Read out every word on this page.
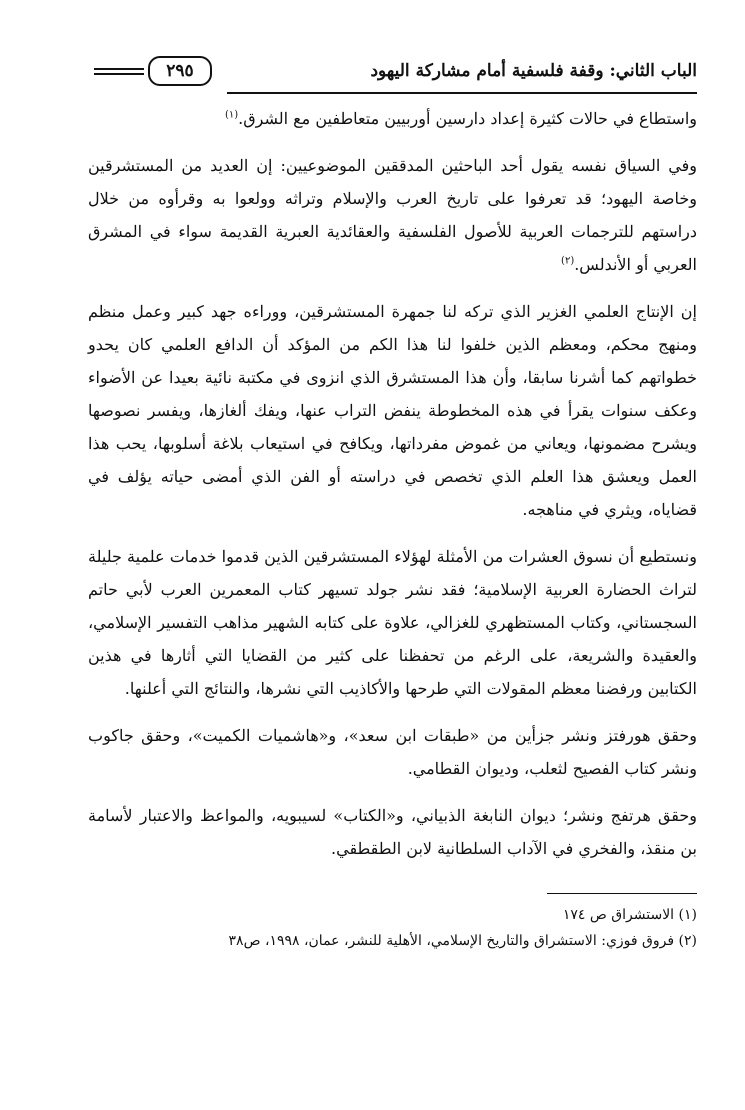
الباب الثاني: وقفة فلسفية أمام مشاركة اليهود
٢٩٥

واستطاع في حالات كثيرة إعداد دارسين أوربيين متعاطفين مع الشرق.$^{(١)}$

وفي السياق نفسه يقول أحد الباحثين المدققين الموضوعيين: إن العديد من المستشرقين وخاصة اليهود؛ قد تعرفوا على تاريخ العرب والإسلام وتراثه وولعوا به وقرأوه من خلال دراستهم للترجمات العربية للأصول الفلسفية والعقائدية العبرية القديمة سواء في المشرق العربي أو الأندلس.$^{(٢)}$

إن الإنتاج العلمي الغزير الذي تركه لنا جمهرة المستشرقين، ووراءه جهد كبير وعمل منظم ومنهج محكم، ومعظم الذين خلفوا لنا هذا الكم من المؤكد أن الدافع العلمي كان يحدو خطواتهم كما أشرنا سابقا، وأن هذا المستشرق الذي انزوى في مكتبة نائية بعيدا عن الأضواء وعكف سنوات يقرأ في هذه المخطوطة ينفض التراب عنها، ويفك ألغازها، ويفسر نصوصها ويشرح مضمونها، ويعاني من غموض مفرداتها، ويكافح في استيعاب بلاغة أسلوبها، يحب هذا العمل ويعشق هذا العلم الذي تخصص في دراسته أو الفن الذي أمضى حياته يؤلف في قضاياه، ويثري في مناهجه.

ونستطيع أن نسوق العشرات من الأمثلة لهؤلاء المستشرقين الذين قدموا خدمات علمية جليلة لتراث الحضارة العربية الإسلامية؛ فقد نشر جولد تسيهر كتاب المعمرين العرب لأبي حاتم السجستاني، وكتاب المستظهري للغزالي، علاوة على كتابه الشهير مذاهب التفسير الإسلامي، والعقيدة والشريعة، على الرغم من تحفظنا على كثير من القضايا التي أثارها في هذين الكتابين ورفضنا معظم المقولات التي طرحها والأكاذيب التي نشرها، والنتائج التي أعلنها.

وحقق هورفتز ونشر جزأين من «طبقات ابن سعد»، و«هاشميات الكميت»، وحقق جاكوب ونشر كتاب الفصيح لثعلب، وديوان القطامي.

وحقق هرتفج ونشر؛ ديوان النابغة الذبياني، و«الكتاب» لسيبويه، والمواعظ والاعتبار لأسامة بن منقذ، والفخري في الآداب السلطانية لابن الطقطقي.

(١) الاستشراق ص ١٧٤

(٢) فروق فوزي: الاستشراق والتاريخ الإسلامي، الأهلية للنشر، عمان، ١٩٩٨، ص٣٨
